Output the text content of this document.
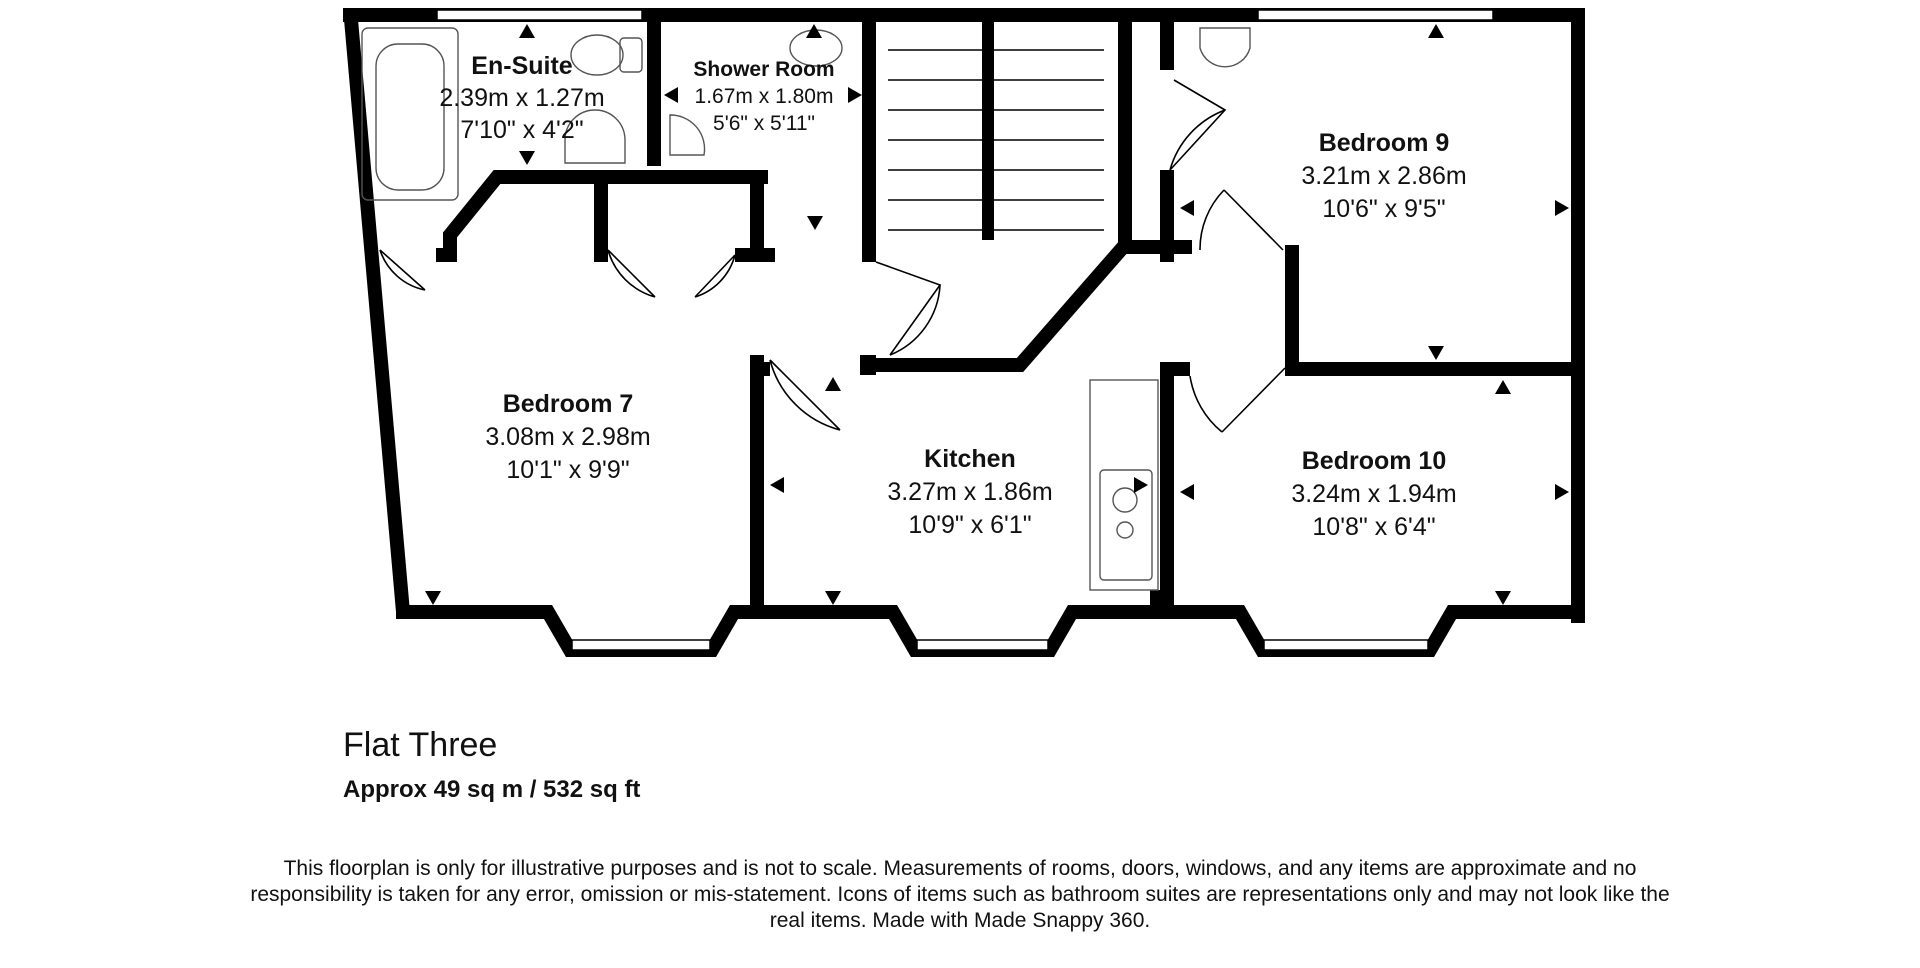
En-Suite
2.39m x 1.27m
7'10" x 4'2"
Shower Room
1.67m x 1.80m
5'6" x 5'11"
Bedroom 9
3.21m x 2.86m
10'6" x 9'5"
Bedroom 7
3.08m x 2.98m
10'1" x 9'9"	Kitchen
3.27m x 1.86m
10'9" x 6'1"
Bedroom 10
3.24m x 1.94m
10'8" x 6'4"
Flat Three
Approx 49 sq m / 532 sq ft
This floorplan is only for illustrative purposes and is not to scale. Measurements of rooms, doors, windows, and any items are approximate and no responsibility is taken for any error, omission or mis-statement. Icons of items such as bathroom suites are representations only and may not look like the real items. Made with Made Snappy 360.
